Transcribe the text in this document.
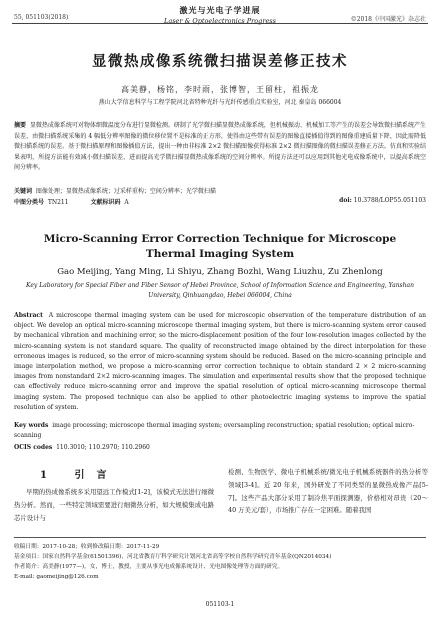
55, 051103(2018)
激光与光电子学进展
Laser & Optoelectronics Progress	©2018《中国激光》杂志社
显微热成像系统微扫描误差修正技术
高美静，杨铭，李时雨，张博智，王留柱，祖振龙
燕山大学信息科学与工程学院河北省特种光纤与光纤传感重点实验室，河北 秦皇岛 066004
摘要 显微热成像系统可对物体细微温度分布进行显微检测。研制了光学微扫描显微热成像系统，但机械振动、机械加工等产生的误差会导致微扫描系统产生误差，由微扫描系统采集的 4 幅低分辨率图像的微位移位置不是标准的正方形，使得由这些带有误差的图像直接插值得到的图像重建质量下降，因此需降低微扫描系统的误差。基于微扫描原理和图像插值方法，提出一种由非标准 2×2 微扫描图像获得标准 2×2 微扫描图像的微扫描误差修正方法。仿真和实验结果表明，所提方法能有效减小微扫描误差，进而提高光学微扫描显微热成像系统的空间分辨率。所提方法还可以应用到其他光电成像系统中，以提高系统空间分辨率。
关键词 图像处理；显微热成像系统；过采样重构；空间分辨率；光学微扫描
中图分类号 TN211	文献标识码 A	doi: 10.3788/LOP55.051103
Micro-Scanning Error Correction Technique for Microscope Thermal Imaging System
Gao Meijing, Yang Ming, Li Shiyu, Zhang Bozhi, Wang Liuzhu, Zu Zhenlong
Key Laboratory for Special Fiber and Fiber Sensor of Hebei Province, School of Information Science and Engineering, Yanshan University, Qinhuangdao, Hebei 066004, China
Abstract A microscope thermal imaging system can be used for microscopic observation of the temperature distribution of an object. We develop an optical micro-scanning microscope thermal imaging system, but there is micro-scanning system error caused by mechanical vibration and machining error, so the micro-displacement position of the four low-resolution images collected by the micro-scanning system is not standard square. The quality of reconstructed image obtained by the direct interpolation for these erroneous images is reduced, so the error of micro-scanning system should be reduced. Based on the micro-scanning principle and image interpolation method, we propose a micro-scanning error correction technique to obtain standard 2 × 2 micro-scanning images from nonstandard 2×2 micro-scanning images. The simulation and experimental results show that the proposed technique can effectively reduce micro-scanning error and improve the spatial resolution of optical micro-scanning microscope thermal imaging system. The proposed technique can also be applied to other photoelectric imaging systems to improve the spatial resolution of system.
Key words image processing; microscope thermal imaging system; oversampling reconstruction; spatial resolution; optical micro-scanning
OCIS codes 110.3010; 110.2970; 110.2960
1 引言

早期的热成像系统多采用望远工作模式[1-2]，该模式无法进行细微热分析。然而，一些特定领域需要进行细微热分析，如大规模集成电路芯片设计与

检测、生物医学、微电子机械系统/微光电子机械系统器件的热分析等领域[3-4]。近 20 年来，国外研发了不同类型的显微热成像产品[5-7]。这些产品大部分采用了制冷焦平面探测器，价格相对昂贵（20～40 万美元/套），市场推广存在一定困难。随着我国

收稿日期：2017-10-28；收到修改稿日期：2017-11-29
基金项目：国家自然科学基金(61501396)、河北省教育厅科学研究计划河北省高等学校自然科学研究青年基金(QN2014034)
作者简介：高美静(1977—)，女，博士，教授，主要从事光电成像系统设计、光电图像处理等方面的研究。
E-mail: gaomeijing@126.com
051103-1
